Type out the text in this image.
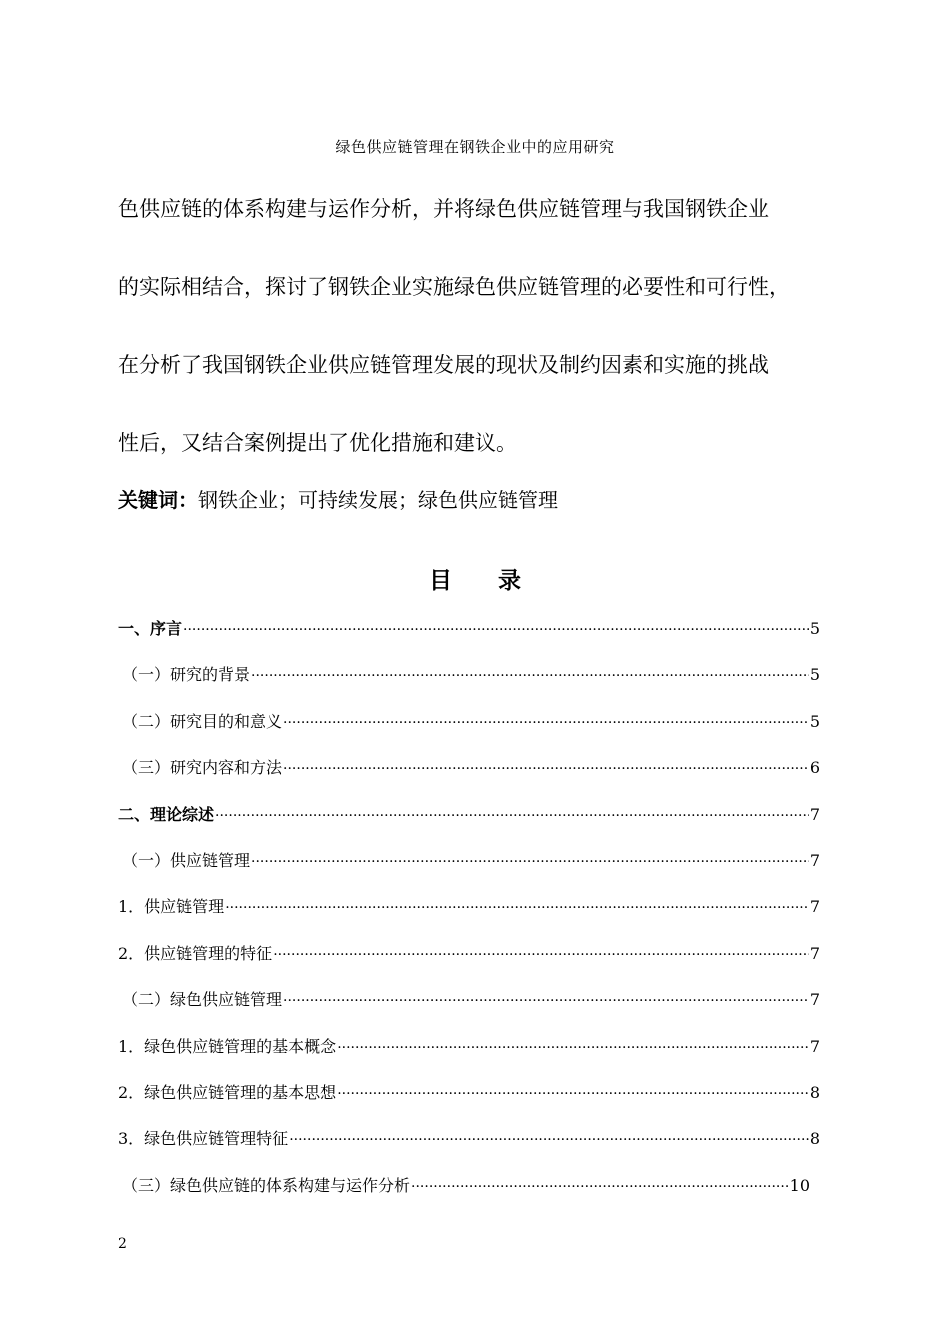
绿色供应链管理在钢铁企业中的应用研究
色供应链的体系构建与运作分析，并将绿色供应链管理与我国钢铁企业
的实际相结合，探讨了钢铁企业实施绿色供应链管理的必要性和可行性，
在分析了我国钢铁企业供应链管理发展的现状及制约因素和实施的挑战
性后，又结合案例提出了优化措施和建议。
关键词：钢铁企业；可持续发展；绿色供应链管理
目 录
一、序言 ·····	5
（一）研究的背景 ·····	5
（二）研究目的和意义 ·····	5
（三）研究内容和方法 ·····	6
二、理论综述 ·····	7
（一）供应链管理 ·····	7
1．供应链管理 ·····	7
2．供应链管理的特征 ·····	7
（二）绿色供应链管理 ·····	7
1．绿色供应链管理的基本概念 ·····	7
2．绿色供应链管理的基本思想 ·····	8
3．绿色供应链管理特征 ·····	8
（三）绿色供应链的体系构建与运作分析 ·····	10
2
